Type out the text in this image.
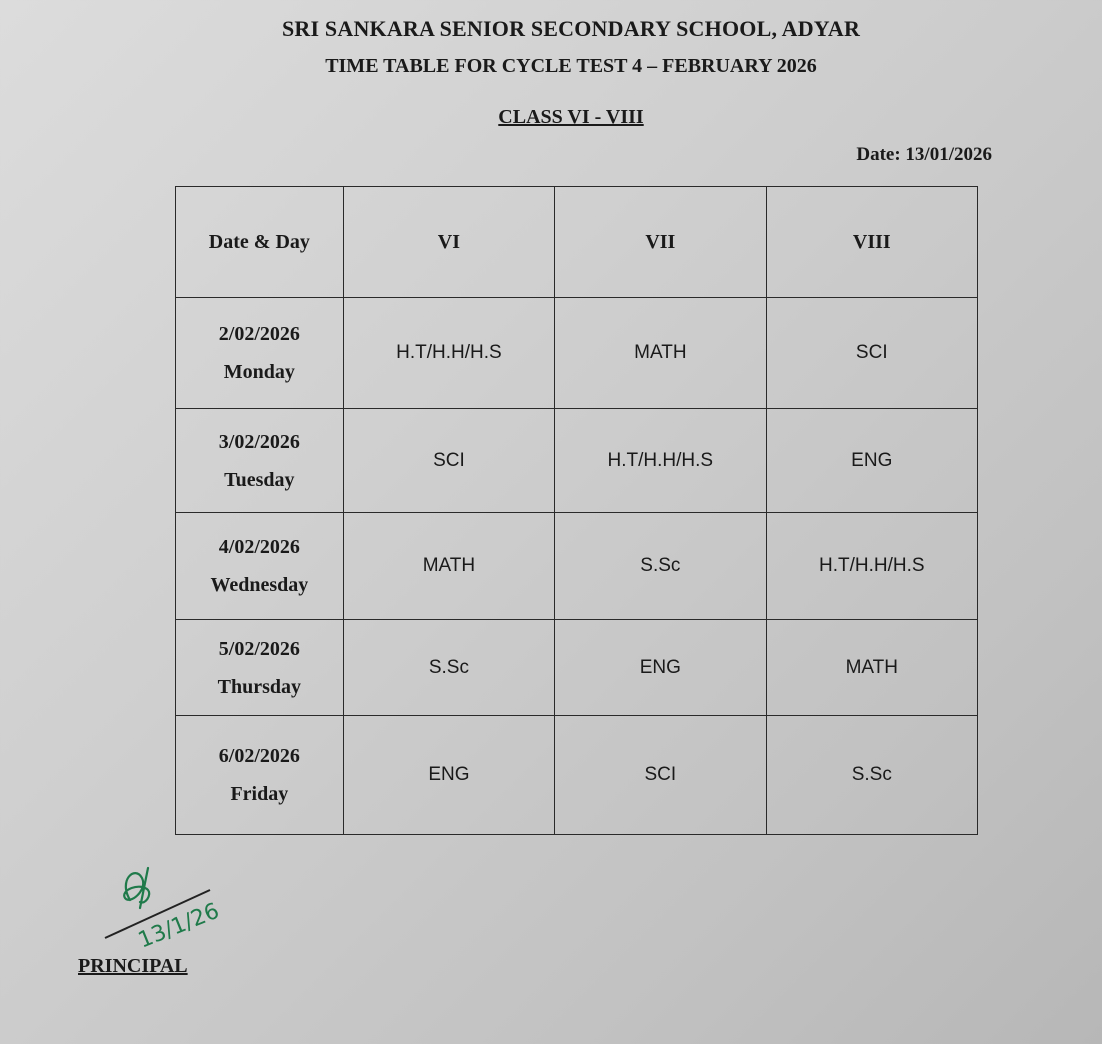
SRI SANKARA SENIOR SECONDARY SCHOOL, ADYAR
TIME TABLE FOR CYCLE TEST 4 – FEBRUARY 2026
CLASS VI - VIII
Date: 13/01/2026
Date & Day	VI	VII	VIII

2/02/2026
Monday	H.T/H.H/H.S	MATH	SCI

3/02/2026
Tuesday	SCI	H.T/H.H/H.S	ENG

4/02/2026
Wednesday	MATH	S.Sc	H.T/H.H/H.S

5/02/2026
Thursday	S.Sc	ENG	MATH

6/02/2026
Friday	ENG	SCI	S.Sc
13/1/26
PRINCIPAL
